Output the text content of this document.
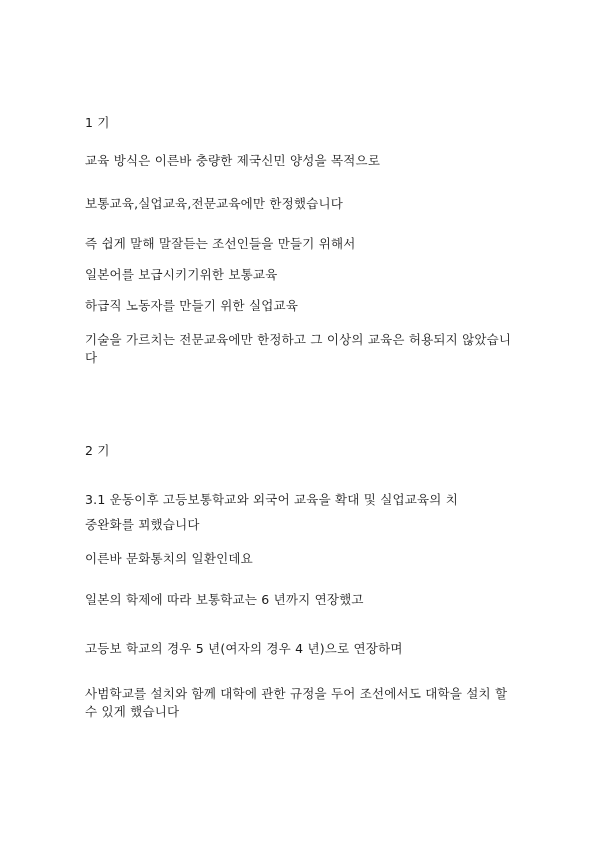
1 기
교육 방식은 이른바 충량한 제국신민 양성을 목적으로
보통교육,실업교육,전문교육에만 한정했습니다
즉 쉽게 말해 말잘듣는 조선인들을 만들기 위해서
일본어를 보급시키기위한 보통교육
하급직 노동자를 만들기 위한 실업교육
기술을 가르치는 전문교육에만 한정하고 그 이상의 교육은 허용되지 않았습니다
2 기
3.1 운동이후 고등보통학교와 외국어 교육을 확대 및 실업교육의 치
중완화를 꾀했습니다
이른바 문화통치의 일환인데요
일본의 학제에 따라 보통학교는 6 년까지 연장했고
고등보 학교의 경우 5 년(여자의 경우 4 년)으로 연장하며
사범학교를 설치와 함께 대학에 관한 규정을 두어 조선에서도 대학을 설치 할수 있게 했습니다
